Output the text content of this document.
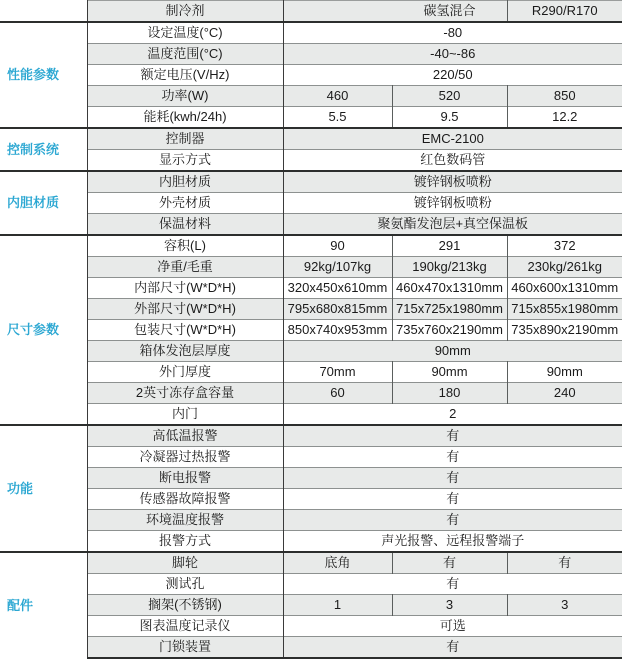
	制冷剂	碳氢混合		R290/R170
性能参数	设定温度(°C)	-80		
	温度范围(°C)	-40~-86		
	额定电压(V/Hz)	220/50		
	功率(W)	460	520	850
	能耗(kwh/24h)	5.5	9.5	12.2
控制系统	控制器	EMC-2100		
	显示方式	红色数码管		
内胆材质	内胆材质	镀锌钢板喷粉		
	外壳材质	镀锌钢板喷粉		
	保温材料	聚氨酯发泡层+真空保温板		
尺寸参数	容积(L)	90	291	372
	净重/毛重	92kg/107kg	190kg/213kg	230kg/261kg
	内部尺寸(W*D*H)	320x450x610mm	460x470x1310mm	460x600x1310mm
	外部尺寸(W*D*H)	795x680x815mm	715x725x1980mm	715x855x1980mm
	包装尺寸(W*D*H)	850x740x953mm	735x760x2190mm	735x890x2190mm
	箱体发泡层厚度	90mm		
	外门厚度	70mm	90mm	90mm
	2英寸冻存盒容量	60	180	240
	内门	2		
功能	高低温报警	有		
	冷凝器过热报警	有		
	断电报警	有		
	传感器故障报警	有		
	环境温度报警	有		
	报警方式	声光报警、远程报警端子		
配件	脚轮	底角	有	有
	测试孔	有		
	搁架(不锈钢)	1	3	3
	图表温度记录仪	可选		
	门锁装置	有		
